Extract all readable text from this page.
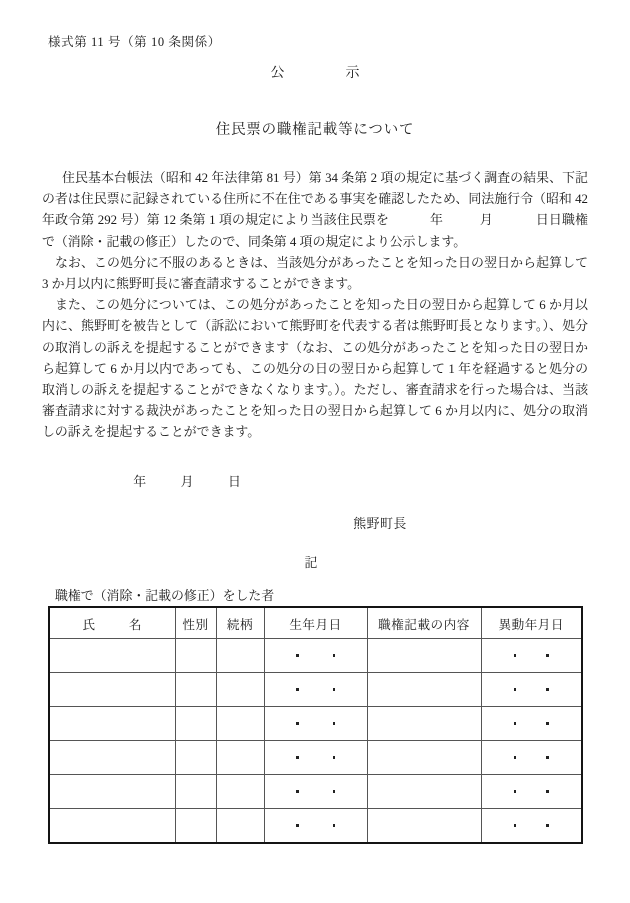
様式第 11 号（第 10 条関係）
公	示
住民票の職権記載等について

住民基本台帳法（昭和 42 年法律第 81 号）第 34 条第 2 項の規定に基づく調査の結果、下記の者は住民票に記録されている住所に不在住である事実を確認したため、同法施行令（昭和 42 年政令第 292 号）第 12 条第 1 項の規定により当該住民票を	年	月	日日職権で（消除・記載の修正）したので、同条第 4 項の規定により公示します。

なお、この処分に不服のあるときは、当該処分があったことを知った日の翌日から起算して 3 か月以内に熊野町長に審査請求することができます。

また、この処分については、この処分があったことを知った日の翌日から起算して 6 か月以内に、熊野町を被告として（訴訟において熊野町を代表する者は熊野町長となります。）、処分の取消しの訴えを提起することができます（なお、この処分があったことを知った日の翌日から起算して 6 か月以内であっても、この処分の日の翌日から起算して 1 年を経過すると処分の取消しの訴えを提起することができなくなります。）。ただし、審査請求を行った場合は、当該審査請求に対する裁決があったことを知った日の翌日から起算して 6 か月以内に、処分の取消しの訴えを提起することができます。

年	月	日
熊野町長
記
職権で（消除・記載の修正）をした者
氏 名	性別	続柄	生年月日	職権記載の内容	異動年月日
